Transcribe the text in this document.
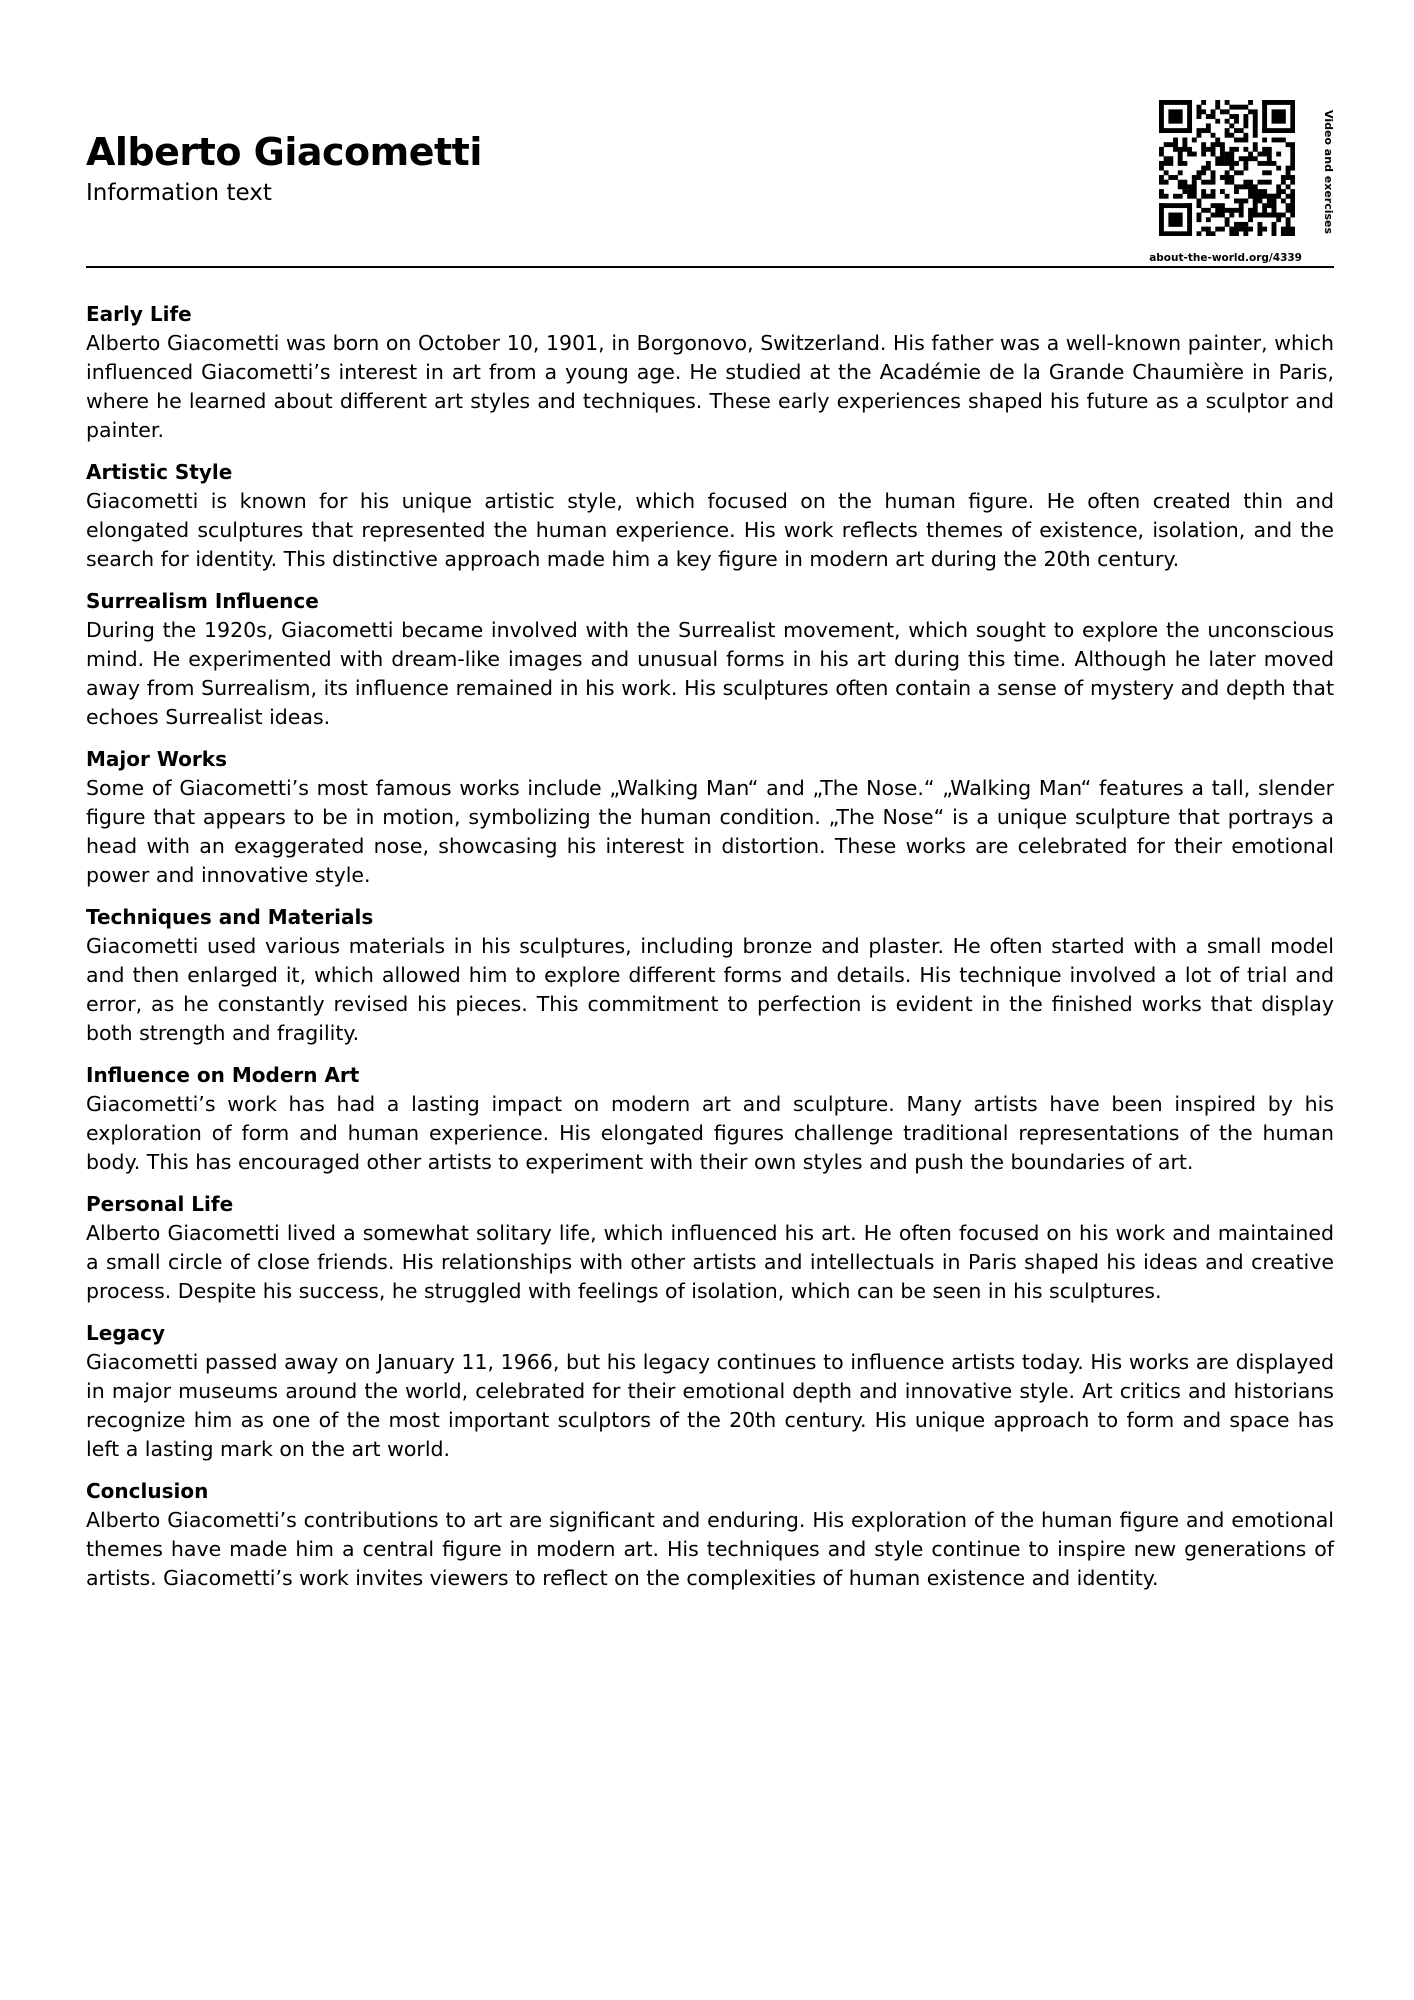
Alberto Giacometti
Information text	Video and exercises
about-the-world.org/4339

Early Life

Alberto Giacometti was born on October 10, 1901, in Borgonovo, Switzerland. His father was a well-known painter, which influenced Giacometti’s interest in art from a young age. He studied at the Académie de la Grande Chaumière in Paris, where he learned about different art styles and techniques. These early experiences shaped his future as a sculptor and painter.

Artistic Style

Giacometti is known for his unique artistic style, which focused on the human figure. He often created thin and elongated sculptures that represented the human experience. His work reflects themes of existence, isolation, and the search for identity. This distinctive approach made him a key figure in modern art during the 20th century.

Surrealism Influence

During the 1920s, Giacometti became involved with the Surrealist movement, which sought to explore the unconscious mind. He experimented with dream-like images and unusual forms in his art during this time. Although he later moved away from Surrealism, its influence remained in his work. His sculptures often contain a sense of mystery and depth that echoes Surrealist ideas.

Major Works

Some of Giacometti’s most famous works include „Walking Man“ and „The Nose.“ „Walking Man“ features a tall, slender figure that appears to be in motion, symbolizing the human condition. „The Nose“ is a unique sculpture that portrays a head with an exaggerated nose, showcasing his interest in distortion. These works are celebrated for their emotional power and innovative style.

Techniques and Materials

Giacometti used various materials in his sculptures, including bronze and plaster. He often started with a small model and then enlarged it, which allowed him to explore different forms and details. His technique involved a lot of trial and error, as he constantly revised his pieces. This commitment to perfection is evident in the finished works that display both strength and fragility.

Influence on Modern Art

Giacometti’s work has had a lasting impact on modern art and sculpture. Many artists have been inspired by his exploration of form and human experience. His elongated figures challenge traditional representations of the human body. This has encouraged other artists to experiment with their own styles and push the boundaries of art.

Personal Life

Alberto Giacometti lived a somewhat solitary life, which influenced his art. He often focused on his work and maintained a small circle of close friends. His relationships with other artists and intellectuals in Paris shaped his ideas and creative process. Despite his success, he struggled with feelings of isolation, which can be seen in his sculptures.

Legacy

Giacometti passed away on January 11, 1966, but his legacy continues to influence artists today. His works are displayed in major museums around the world, celebrated for their emotional depth and innovative style. Art critics and historians recognize him as one of the most important sculptors of the 20th century. His unique approach to form and space has left a lasting mark on the art world.

Conclusion

Alberto Giacometti’s contributions to art are significant and enduring. His exploration of the human figure and emotional themes have made him a central figure in modern art. His techniques and style continue to inspire new generations of artists. Giacometti’s work invites viewers to reflect on the complexities of human existence and identity.
